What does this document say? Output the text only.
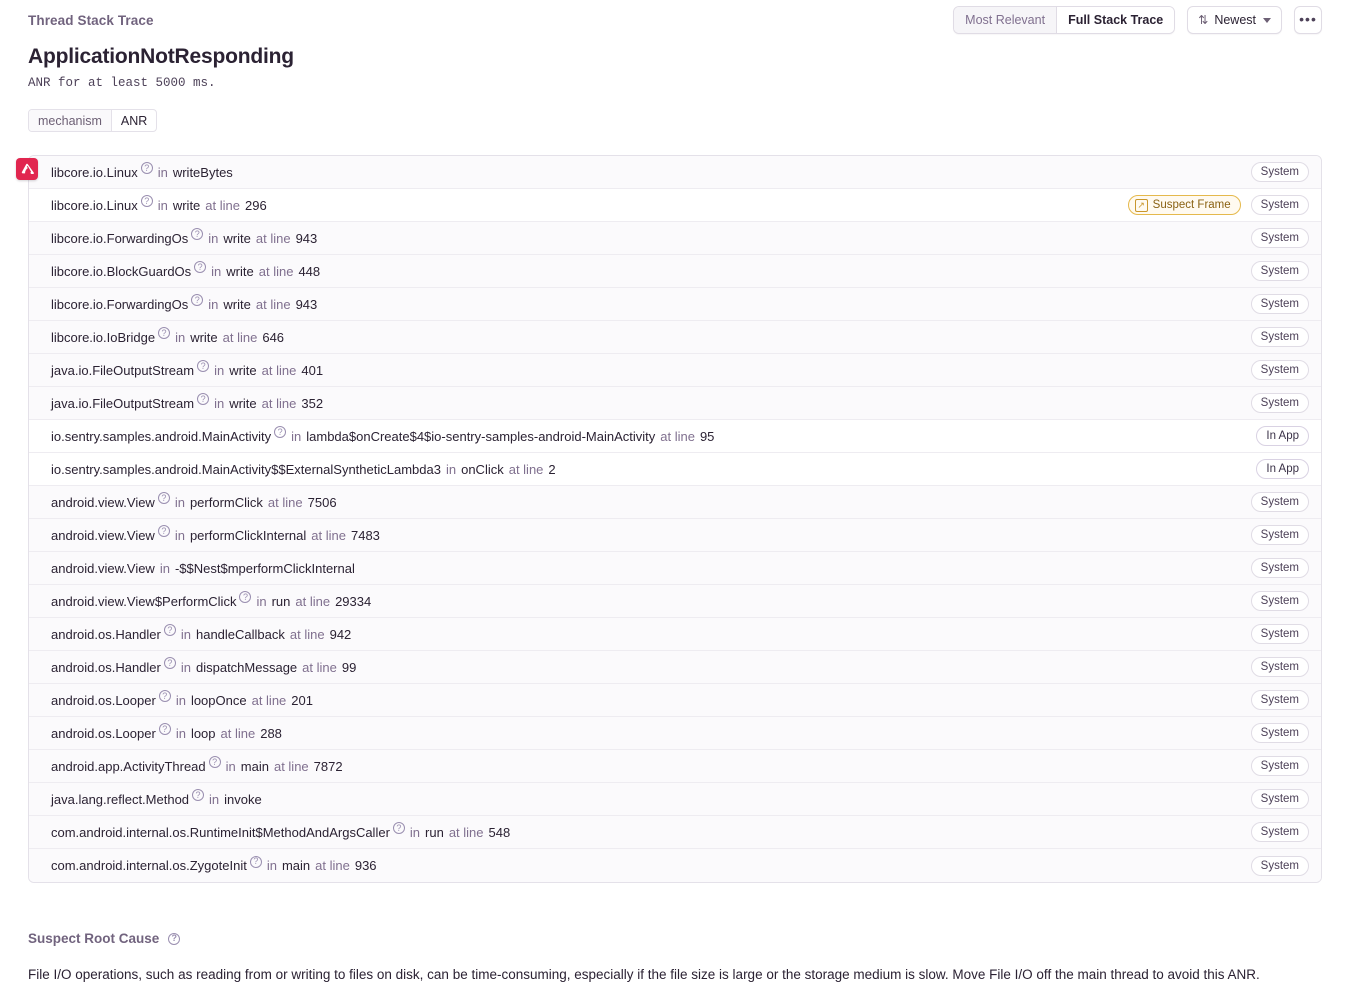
Thread Stack Trace	Most Relevant	Full Stack Trace	⇅ Newest	•••
ApplicationNotResponding
ANR for at least 5000 ms.
mechanism	ANR
libcore.io.Linux ? in writeBytes	System
libcore.io.Linux ? in write at line 296	↗ Suspect Frame	System
libcore.io.ForwardingOs ? in write at line 943	System
libcore.io.BlockGuardOs ? in write at line 448	System
libcore.io.ForwardingOs ? in write at line 943	System
libcore.io.IoBridge ? in write at line 646	System
java.io.FileOutputStream ? in write at line 401	System
java.io.FileOutputStream ? in write at line 352	System
io.sentry.samples.android.MainActivity ? in lambda$onCreate$4$io-sentry-samples-android-MainActivity at line 95	In App
io.sentry.samples.android.MainActivity$$ExternalSyntheticLambda3 in onClick at line 2	In App
android.view.View ? in performClick at line 7506	System
android.view.View ? in performClickInternal at line 7483	System
android.view.View in -$$Nest$mperformClickInternal	System
android.view.View$PerformClick ? in run at line 29334	System
android.os.Handler ? in handleCallback at line 942	System
android.os.Handler ? in dispatchMessage at line 99	System
android.os.Looper ? in loopOnce at line 201	System
android.os.Looper ? in loop at line 288	System
android.app.ActivityThread ? in main at line 7872	System
java.lang.reflect.Method ? in invoke	System
com.android.internal.os.RuntimeInit$MethodAndArgsCaller ? in run at line 548	System
com.android.internal.os.ZygoteInit ? in main at line 936	System
Suspect Root Cause	?
File I/O operations, such as reading from or writing to files on disk, can be time-consuming, especially if the file size is large or the storage medium is slow. Move File I/O off the main thread to avoid this ANR.
